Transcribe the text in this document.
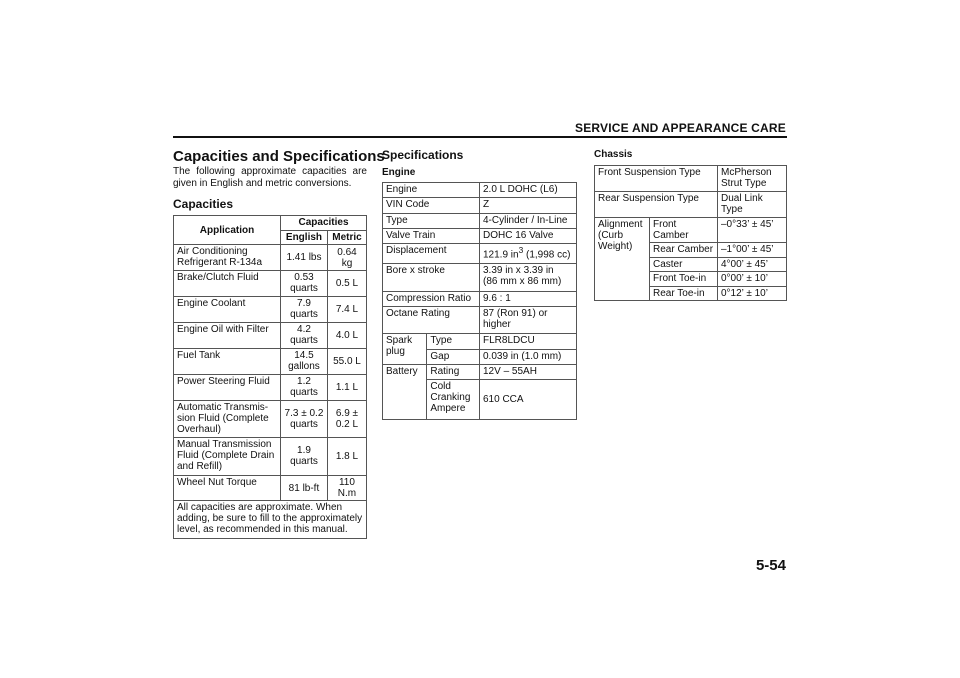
SERVICE AND APPEARANCE CARE
Capacities and Specifications
The following approximate capacities are given in English and metric conversions.
Capacities
Application	Capacities	
	English	Metric
Air Conditioning Refrigerant R-134a	1.41 lbs	0.64 kg
Brake/Clutch Fluid	0.53 quarts	0.5 L
Engine Coolant	7.9 quarts	7.4 L
Engine Oil with Filter	4.2 quarts	4.0 L
Fuel Tank	14.5 gallons	55.0 L
Power Steering Fluid	1.2 quarts	1.1 L
Automatic Transmis-sion Fluid (Complete Overhaul)	7.3 ± 0.2 quarts	6.9 ± 0.2 L
Manual Transmission Fluid (Complete Drain and Refill)	1.9 quarts	1.8 L
Wheel Nut Torque	81 lb-ft	110 N.m
All capacities are approximate. When adding, be sure to fill to the approximately level, as recommended in this manual.		
Specifications
Engine
Engine		2.0 L DOHC (L6)
VIN Code		Z
Type		4-Cylinder / In-Line
Valve Train		DOHC 16 Valve
Displacement		121.9 $in^3$ (1,998 cc)
Bore x stroke		3.39 in x 3.39 in
(86 mm x 86 mm)

Compression Ratio		9.6 : 1
Octane Rating		87 (Ron 91) or higher
Spark plug	Type	FLR8LDCU
	Gap	0.039 in (1.0 mm)
Battery	Rating	12V – 55AH
	Cold Cranking Ampere	610 CCA
Chassis
Front Suspension Type		McPherson Strut Type
Rear Suspension Type		Dual Link Type
Alignment (Curb Weight)	Front Camber	–0°33’ ± 45’
	Rear Camber	–1°00’ ± 45’
	Caster	4°00’ ± 45’
	Front Toe-in	0°00’ ± 10’
	Rear Toe-in	0°12’ ± 10’
5-54
